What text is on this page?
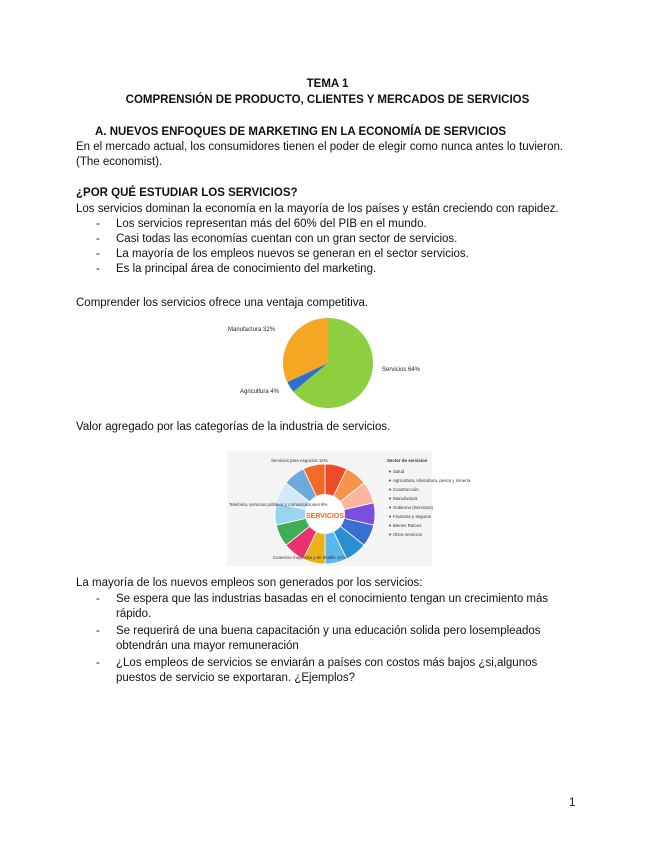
TEMA 1
COMPRENSIÓN DE PRODUCTO, CLIENTES Y MERCADOS DE SERVICIOS
A. NUEVOS ENFOQUES DE MARKETING EN LA ECONOMÍA DE SERVICIOS
En el mercado actual, los consumidores tienen el poder de elegir como nunca antes lo tuvieron.
(The economist).
¿POR QUÉ ESTUDIAR LOS SERVICIOS?
Los servicios dominan la economía en la mayoría de los países y están creciendo con rapidez.
- Los servicios representan más del 60% del PIB en el mundo.
- Casi todas las economías cuentan con un gran sector de servicios.
- La mayoría de los empleos nuevos se generan en el sector servicios.
- Es la principal área de conocimiento del marketing.
Comprender los servicios ofrece una ventaja competitiva.
Manufactura 32%
Servicios 64%
Agricultura 4%
Valor agregado por las categorías de la industria de servicios.
SERVICIOS
Servicios para negocios 12%
Telefonía, servicios públicos y comunicaciones 9%
Comercio mayorista y de detalle 12%
Sector de servicios
Salud
Agricultura, silvicultura, pesca y minería
Construcción
Manufactura
Gobierno (Servicios)
Finanzas y seguros
Bienes Raíces
Otros servicios
La mayoría de los nuevos empleos son generados por los servicios:
- Se espera que las industrias basadas en el conocimiento tengan un crecimiento más
rápido.
- Se requerirá de una buena capacitación y una educación solida pero losempleados
obtendrán una mayor remuneración
- ¿Los empleos de servicios se enviarán a países con costos más bajos ¿si,algunos
puestos de servicio se exportaran. ¿Ejemplos?
1
